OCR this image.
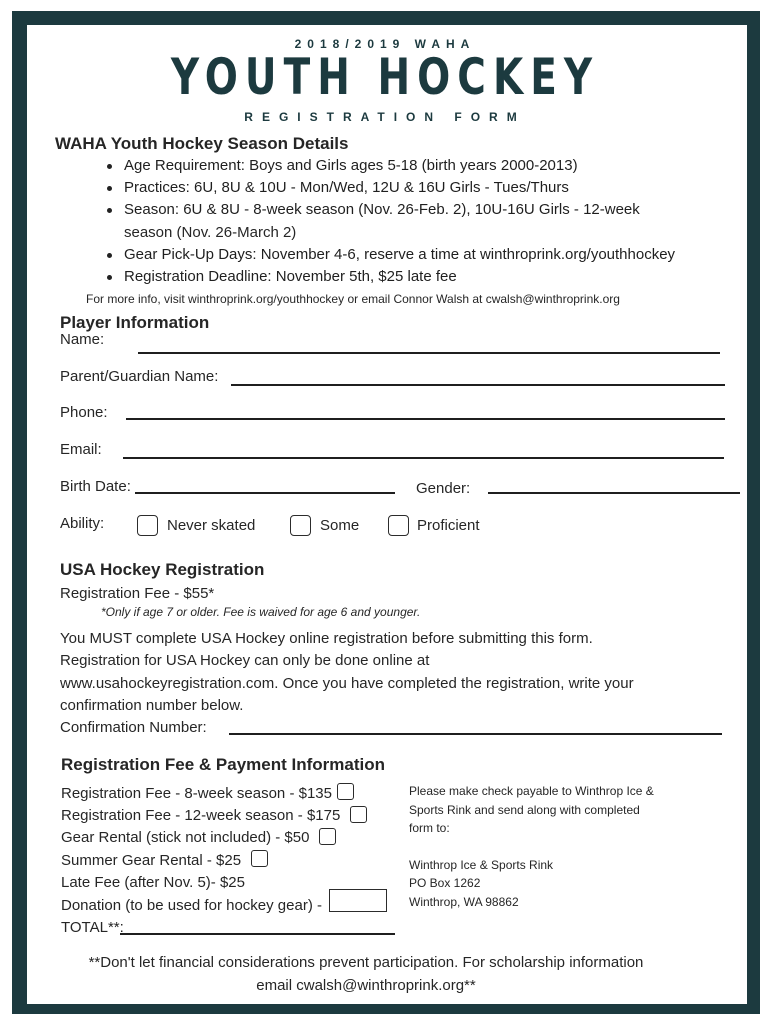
2018/2019 WAHA
YOUTH HOCKEY
REGISTRATION FORM
WAHA Youth Hockey Season Details
Age Requirement: Boys and Girls ages 5-18 (birth years 2000-2013)
Practices: 6U, 8U & 10U - Mon/Wed, 12U & 16U Girls - Tues/Thurs
Season: 6U & 8U - 8-week season (Nov. 26-Feb. 2), 10U-16U Girls - 12-week
season (Nov. 26-March 2)
Gear Pick-Up Days: November 4-6, reserve a time at winthroprink.org/youthhockey
Registration Deadline: November 5th, $25 late fee
For more info, visit winthroprink.org/youthhockey or email Connor Walsh at cwalsh@winthroprink.org
Player Information
Name:
Parent/Guardian Name:
Phone:
Email:
Birth Date:	Gender:
Ability:	Never skated	Some	Proficient
USA Hockey Registration
Registration Fee - $55*
*Only if age 7 or older. Fee is waived for age 6 and younger.
You MUST complete USA Hockey online registration before submitting this form.
Registration for USA Hockey can only be done online at
www.usahockeyregistration.com. Once you have completed the registration, write your
confirmation number below.
Confirmation Number:
Registration Fee & Payment Information
Registration Fee - 8-week season - $135
Registration Fee - 12-week season - $175
Gear Rental (stick not included) - $50
Summer Gear Rental - $25
Late Fee (after Nov. 5)- $25
Donation (to be used for hockey gear) -
TOTAL**:
Please make check payable to Winthrop Ice &
Sports Rink and send along with completed
form to:
Winthrop Ice & Sports Rink
PO Box 1262
Winthrop, WA 98862
**Don't let financial considerations prevent participation. For scholarship information
email cwalsh@winthroprink.org**
